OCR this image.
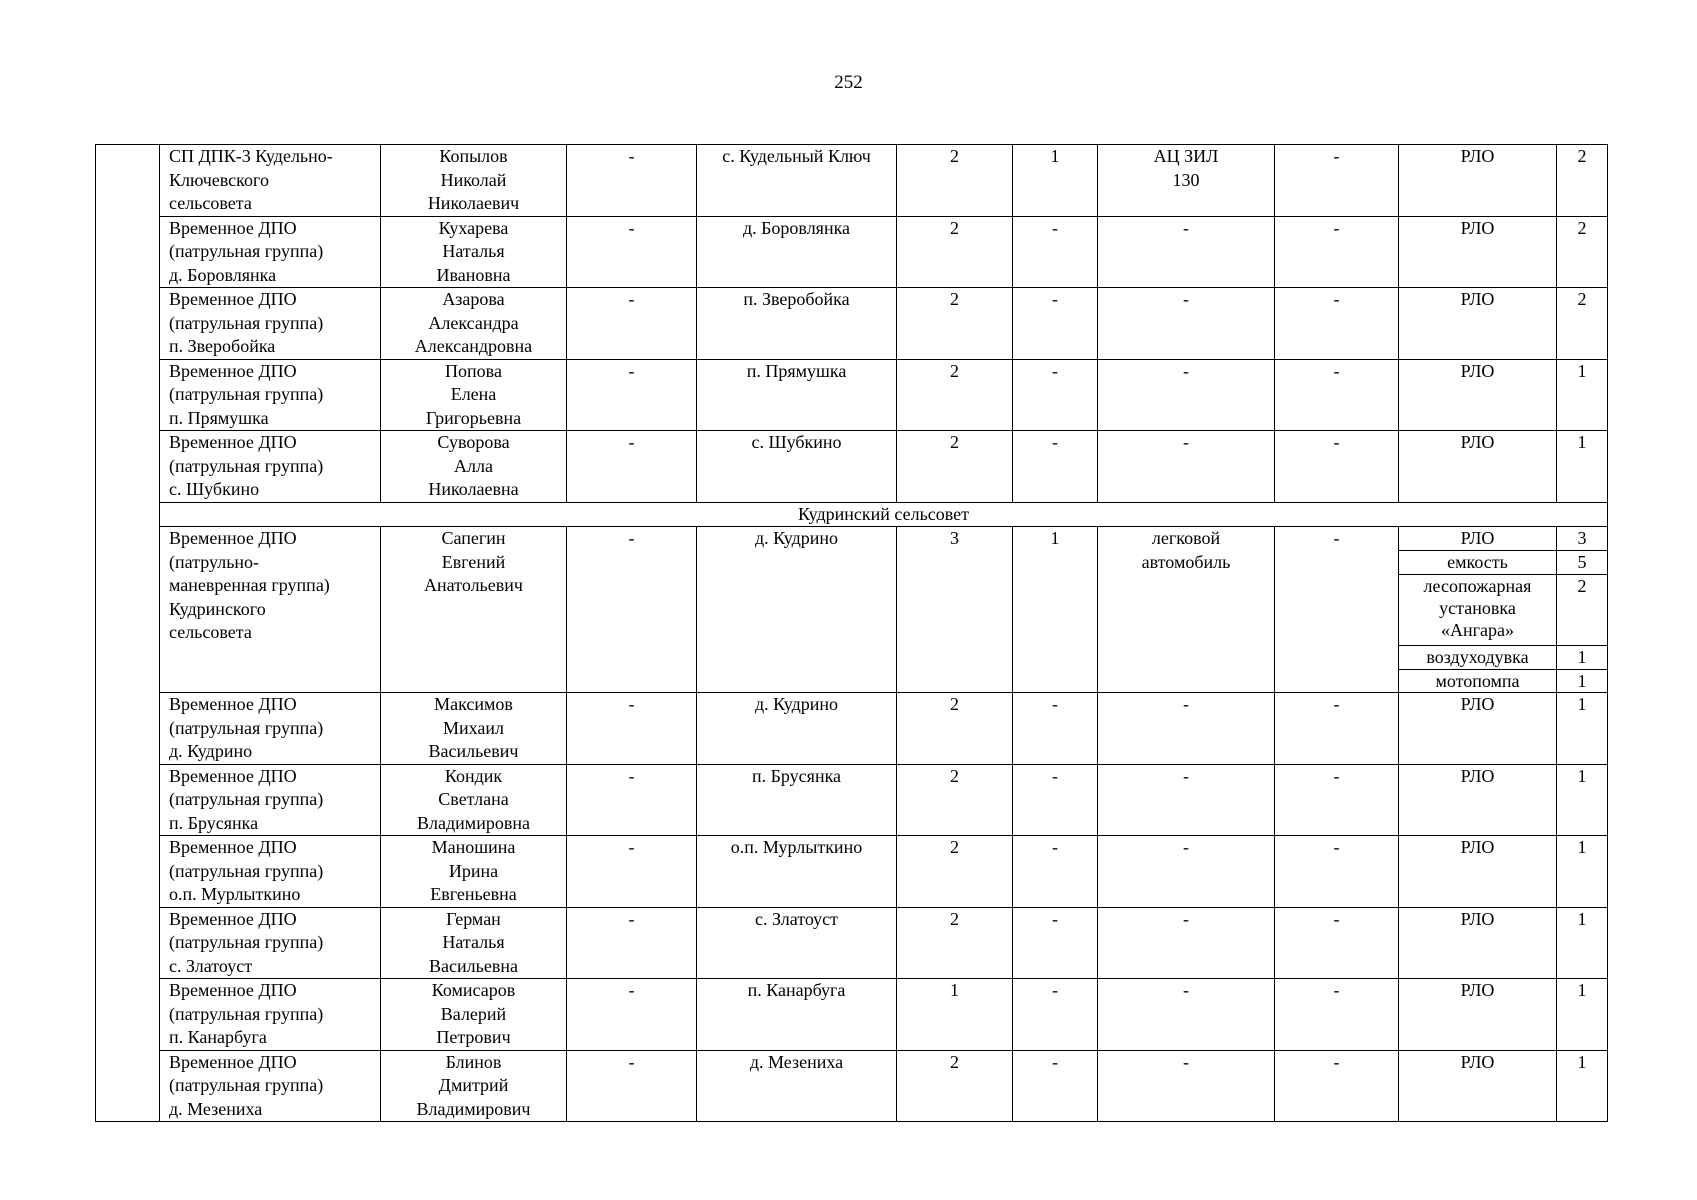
252
	СП ДПК-3 Кудельно-
Ключевского
сельсовета	Копылов
Николай
Николаевич	-	с. Кудельный Ключ	2	1	АЦ ЗИЛ
130	-	РЛО	2
	Временное ДПО
(патрульная группа)
д. Боровлянка	Кухарева
Наталья
Ивановна	-	д. Боровлянка	2	-	-	-	РЛО	2
	Временное ДПО
(патрульная группа)
п. Зверобойка	Азарова
Александра
Александровна	-	п. Зверобойка	2	-	-	-	РЛО	2
	Временное ДПО
(патрульная группа)
п. Прямушка	Попова
Елена
Григорьевна	-	п. Прямушка	2	-	-	-	РЛО	1
	Временное ДПО
(патрульная группа)
с. Шубкино	Суворова
Алла
Николаевна	-	с. Шубкино	2	-	-	-	РЛО	1
	Кудринский сельсовет									
	Временное ДПО
(патрульно-
маневренная группа)
Кудринского
сельсовета	Сапегин
Евгений
Анатольевич	-	д. Кудрино	3	1	легковой
автомобиль	-	РЛО	3
									емкость	5
									лесопожарная
установка
«Ангара»	2
									воздуходувка	1
									мотопомпа	1
	Временное ДПО
(патрульная группа)
д. Кудрино	Максимов
Михаил
Васильевич	-	д. Кудрино	2	-	-	-	РЛО	1
	Временное ДПО
(патрульная группа)
п. Брусянка	Кондик
Светлана
Владимировна	-	п. Брусянка	2	-	-	-	РЛО	1
	Временное ДПО
(патрульная группа)
о.п. Мурлыткино	Маношина
Ирина
Евгеньевна	-	о.п. Мурлыткино	2	-	-	-	РЛО	1
	Временное ДПО
(патрульная группа)
с. Златоуст	Герман
Наталья
Васильевна	-	с. Златоуст	2	-	-	-	РЛО	1
	Временное ДПО
(патрульная группа)
п. Канарбуга	Комисаров
Валерий
Петрович	-	п. Канарбуга	1	-	-	-	РЛО	1
	Временное ДПО
(патрульная группа)
д. Мезениха	Блинов
Дмитрий
Владимирович	-	д. Мезениха	2	-	-	-	РЛО	1
